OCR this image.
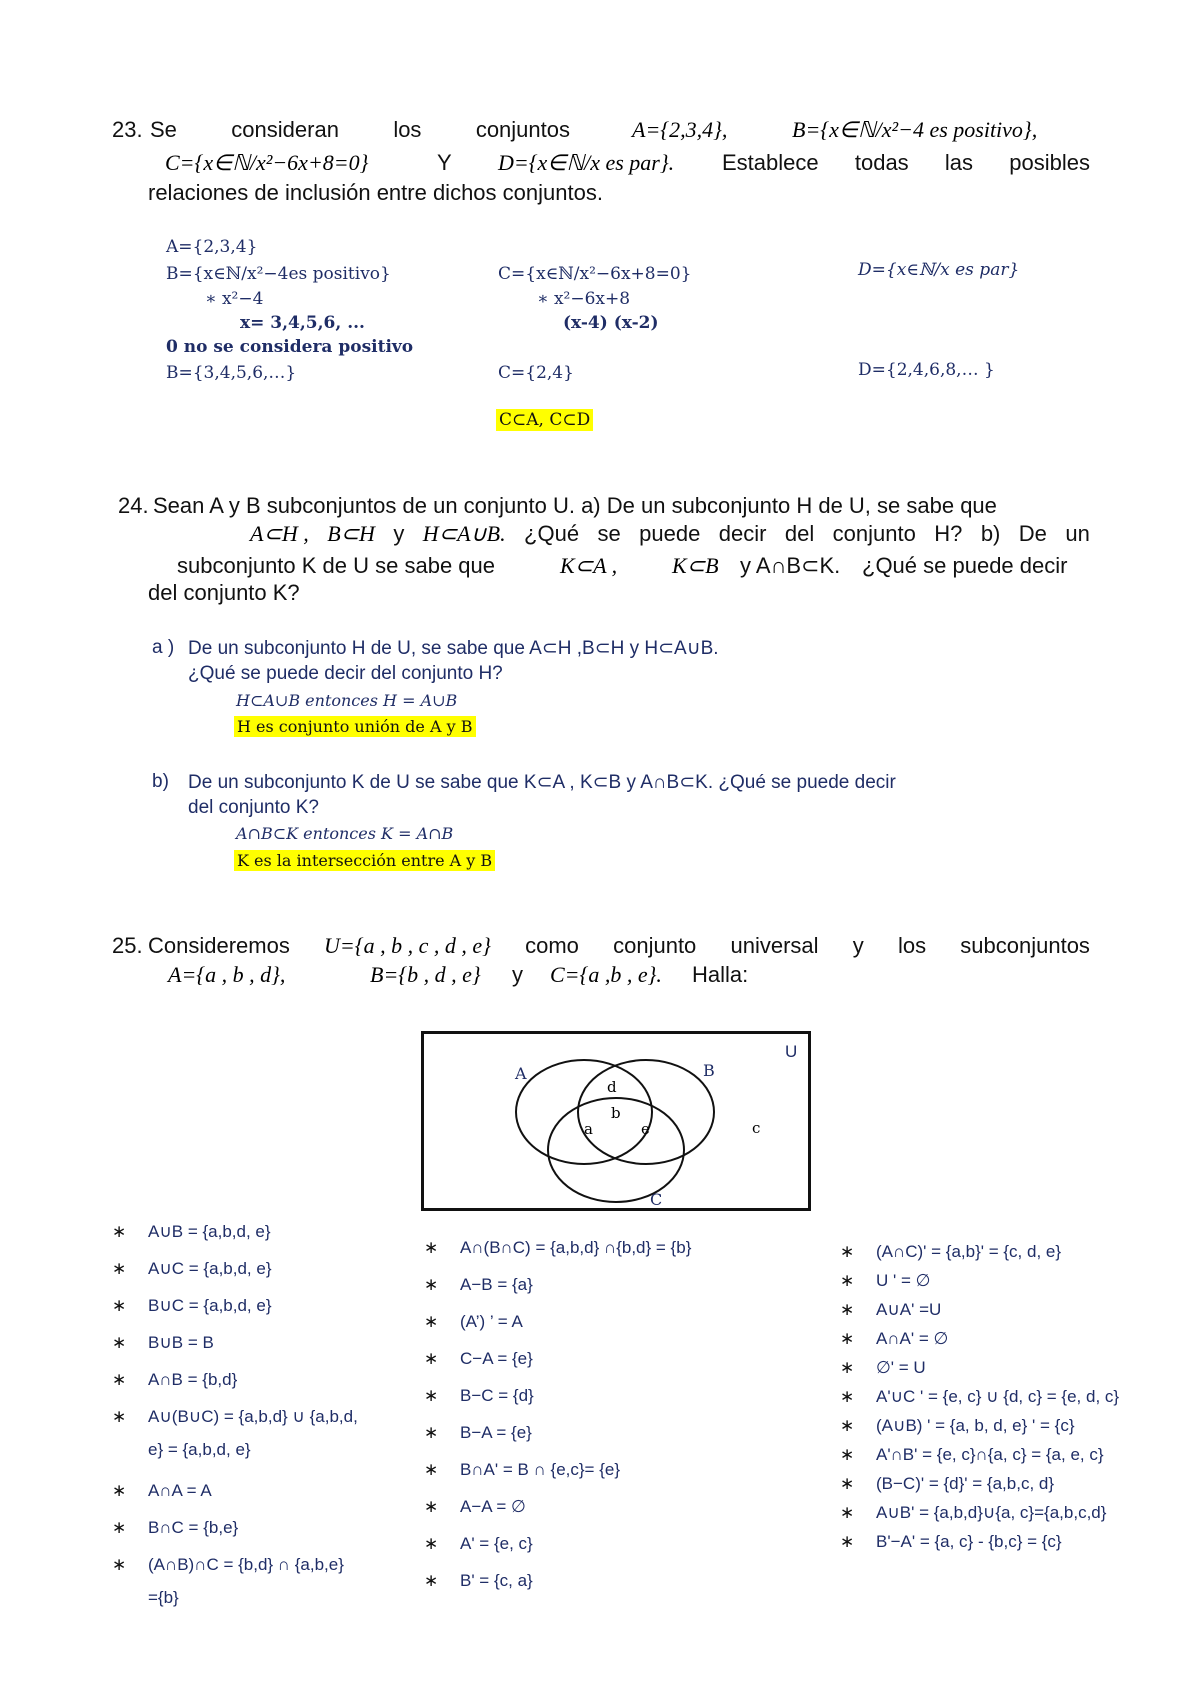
23. Se consideran los conjuntos	A={2,3,4},	B={x∈ℕ/x²−4 es positivo},
C={x∈ℕ/x²−6x+8=0}	Y D={x∈ℕ/x es par}. Establece todas las posibles
relaciones de inclusión entre dichos conjuntos.
A={2,3,4}
B={x∈ℕ/x²−4es positivo}
∗ x²−4
x= 3,4,5,6, ...
0 no se considera positivo
B={3,4,5,6,…}
C={x∈ℕ/x²−6x+8=0}
∗ x²−6x+8
(x-4) (x-2)
C={2,4}
C⊂A, C⊂D
D={x∈ℕ/x es par}
D={2,4,6,8,… }
24. Sean A y B subconjuntos de un conjunto U. a) De un subconjunto H de U, se sabe que
A⊂H , B⊂H y H⊂A∪B. ¿Qué se puede decir del conjunto H? b) De un
subconjunto K de U se sabe que	K⊂A , K⊂B y A∩B⊂K. ¿Qué se puede decir
del conjunto K?
a ) De un subconjunto H de U, se sabe que A⊂H ,B⊂H y H⊂A∪B.
¿Qué se puede decir del conjunto H?
H⊂A∪B entonces H = A∪B
H es conjunto unión de A y B
b) De un subconjunto K de U se sabe que K⊂A , K⊂B y A∩B⊂K. ¿Qué se puede decir
del conjunto K?
A∩B⊂K entonces K = A∩B
K es la intersección entre A y B
25. Consideremos U={a , b , c , d , e} como conjunto universal y los subconjuntos
A={a , b , d},	B={b , d , e} y C={a ,b , e}. Halla:
U
A	B
C
d
b
a	e	c
∗ A∪B = {a,b,d, e}
∗ A∪C = {a,b,d, e}
∗ B∪C = {a,b,d, e}
∗ B∪B = B
∗ A∩B = {b,d}
∗ A∪(B∪C) = {a,b,d} ∪ {a,b,d,
e} = {a,b,d, e}
∗ A∩A = A
∗ B∩C = {b,e}
∗ (A∩B)∩C = {b,d} ∩ {a,b,e}
={b}
∗ A∩(B∩C) = {a,b,d} ∩{b,d} = {b}
∗ A−B = {a}
∗ (A’) ’ = A
∗ C−A = {e}
∗ B−C = {d}
∗ B−A = {e}
∗ B∩A' = B ∩ {e,c}= {e}
∗ A−A = ∅
∗ A' = {e, c}
∗ B' = {c, a}
∗ (A∩C)' = {a,b}' = {c, d, e}
∗ U ' = ∅
∗ A∪A' =U
∗ A∩A' = ∅
∗ ∅' = U
∗ A'∪C ' = {e, c} ∪ {d, c} = {e, d, c}
∗ (A∪B) ' = {a, b, d, e} ' = {c}
∗ A'∩B' = {e, c}∩{a, c} = {a, e, c}
∗ (B−C)' = {d}' = {a,b,c, d}
∗ A∪B' = {a,b,d}∪{a, c}={a,b,c,d}
∗ B'−A' = {a, c} - {b,c} = {c}
